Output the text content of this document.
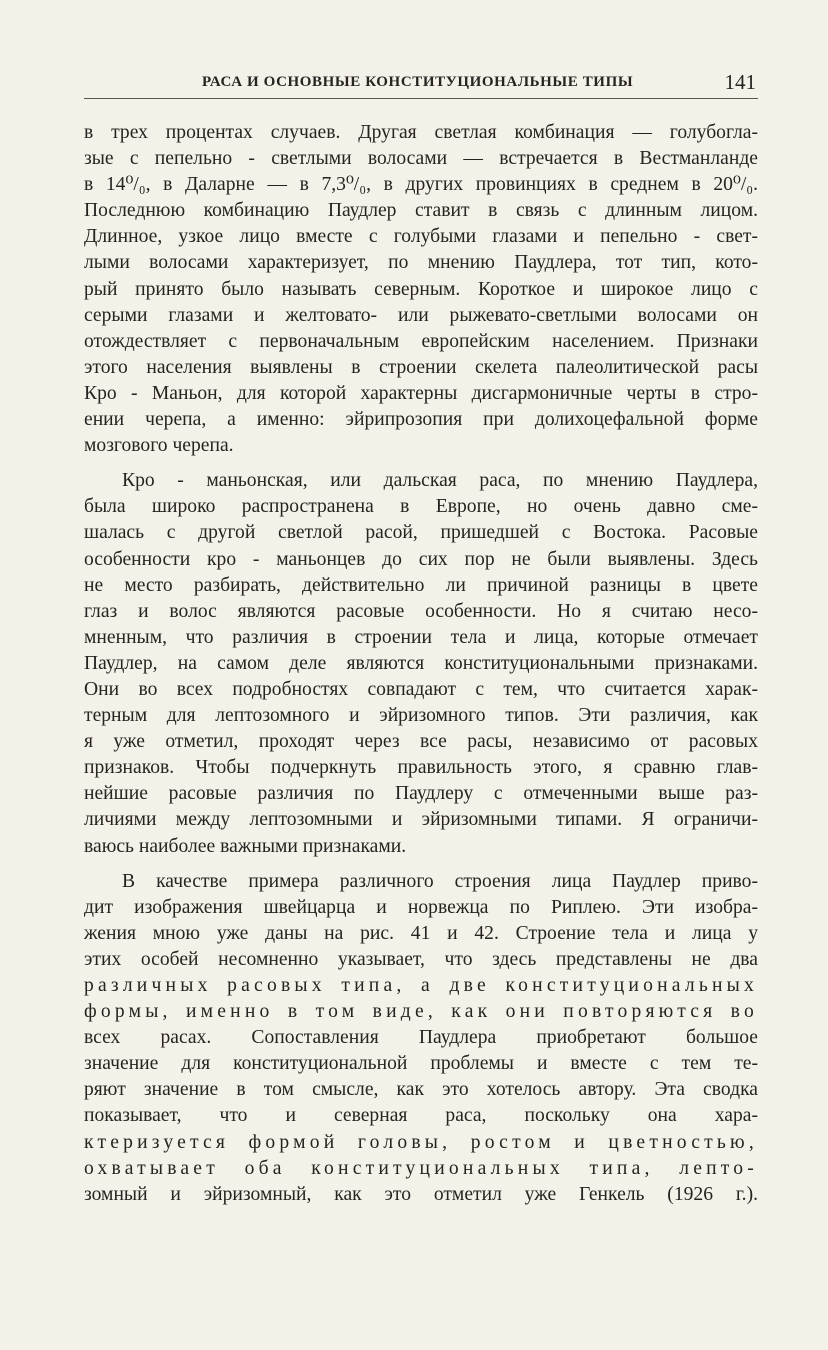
РАСА И ОСНОВНЫЕ КОНСТИТУЦИОНАЛЬНЫЕ ТИПЫ	141
в трех процентах случаев. Другая светлая комбинация — голубогла-
зые с пепельно - светлыми волосами — встречается в Вестманланде
в 14⁰/₀, в Даларне — в 7,3⁰/₀, в других провинциях в среднем в 20⁰/₀.
Последнюю комбинацию Паудлер ставит в связь с длинным лицом.
Длинное, узкое лицо вместе с голубыми глазами и пепельно - свет-
лыми волосами характеризует, по мнению Паудлера, тот тип, кото-
рый принято было называть северным. Короткое и широкое лицо с
серыми глазами и желтовато- или рыжевато-светлыми волосами он
отождествляет с первоначальным европейским населением. Признаки
этого населения выявлены в строении скелета палеолитической расы
Кро - Маньон, для которой характерны дисгармоничные черты в стро-
ении черепа, а именно: эйрипрозопия при долихоцефальной форме
мозгового черепа.
Кро - маньонская, или дальская раса, по мнению Паудлера,
была широко распространена в Европе, но очень давно сме-
шалась с другой светлой расой, пришедшей с Востока. Расовые
особенности кро - маньонцев до сих пор не были выявлены. Здесь
не место разбирать, действительно ли причиной разницы в цвете
глаз и волос являются расовые особенности. Но я считаю несо-
мненным, что различия в строении тела и лица, которые отмечает
Паудлер, на самом деле являются конституциональными признаками.
Они во всех подробностях совпадают с тем, что считается харак-
терным для лептозомного и эйризомного типов. Эти различия, как
я уже отметил, проходят через все расы, независимо от расовых
признаков. Чтобы подчеркнуть правильность этого, я сравню глав-
нейшие расовые различия по Паудлеру с отмеченными выше раз-
личиями между лептозомными и эйризомными типами. Я ограничи-
ваюсь наиболее важными признаками.
В качестве примера различного строения лица Паудлер приво-
дит изображения швейцарца и норвежца по Риплею. Эти изобра-
жения мною уже даны на рис. 41 и 42. Строение тела и лица у
этих особей несомненно указывает, что здесь представлены не два
различных расовых типа, а две конституциональных
формы, именно в том виде, как они повторяются во
всех расах. Сопоставления Паудлера приобретают большое
значение для конституциональной проблемы и вместе с тем те-
ряют значение в том смысле, как это хотелось автору. Эта сводка
показывает, что и северная раса, поскольку она хара-
ктеризуется формой головы, ростом и цветностью,
охватывает оба конституциональных типа, лепто-
зомный и эйризомный, как это отметил уже Генкель (1926 г.).
